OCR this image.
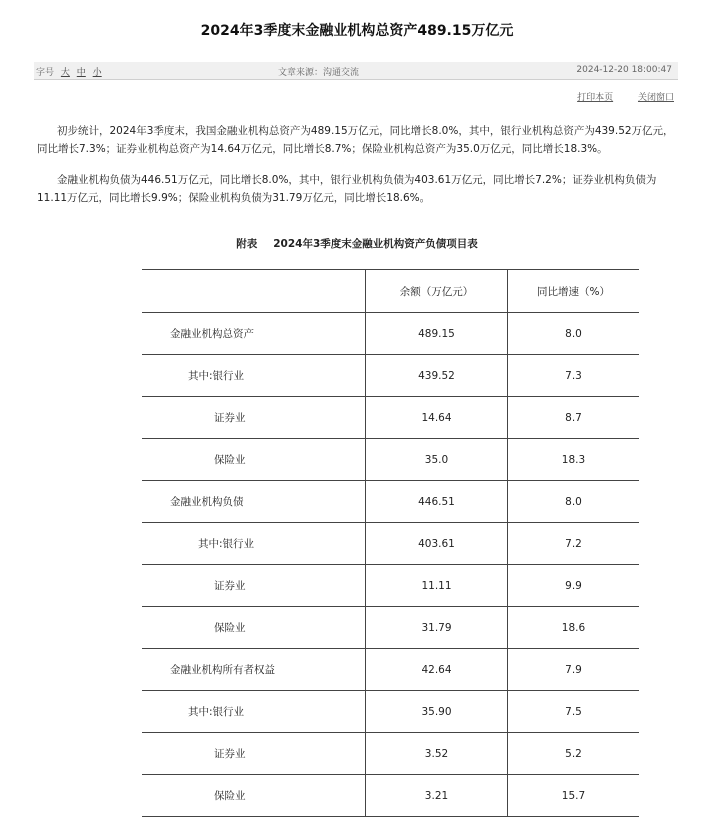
2024年3季度末金融业机构总资产489.15万亿元
字号 大 中 小	文章来源：沟通交流	2024-12-20 18:00:47
打印本页	关闭窗口
初步统计，2024年3季度末，我国金融业机构总资产为489.15万亿元，同比增长8.0%，其中，银行业机构总资产为439.52万亿元，同比增长7.3%；证券业机构总资产为14.64万亿元，同比增长8.7%；保险业机构总资产为35.0万亿元，同比增长18.3%。
金融业机构负债为446.51万亿元，同比增长8.0%，其中，银行业机构负债为403.61万亿元，同比增长7.2%；证券业机构负债为11.11万亿元，同比增长9.9%；保险业机构负债为31.79万亿元，同比增长18.6%。
附表 2024年3季度末金融业机构资产负债项目表
	余额（万亿元）	同比增速（%）
金融业机构总资产	489.15	8.0
其中:银行业	439.52	7.3
证券业	14.64	8.7
保险业	35.0	18.3
金融业机构负债	446.51	8.0
其中:银行业	403.61	7.2
证券业	11.11	9.9
保险业	31.79	18.6
金融业机构所有者权益	42.64	7.9
其中:银行业	35.90	7.5
证券业	3.52	5.2
保险业	3.21	15.7
